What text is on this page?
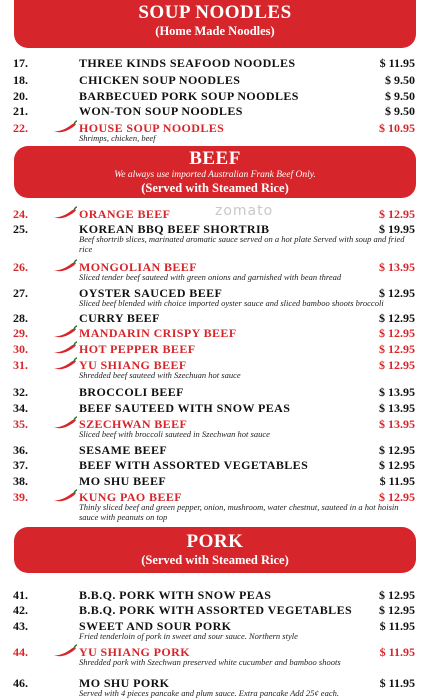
SOUP NOODLES
(Home Made Noodles)
17.	THREE KINDS SEAFOOD NOODLES	$ 11.95
18.	CHICKEN SOUP NOODLES	$ 9.50
20.	BARBECUED PORK SOUP NOODLES	$ 9.50
21.	WON-TON SOUP NOODLES	$ 9.50
22.	HOUSE SOUP NOODLES	$ 10.95
Shrimps, chicken, beef
BEEF
We always use imported Australian Frank Beef Only.
(Served with Steamed Rice)
zomato
24.	ORANGE BEEF	$ 12.95
25.	KOREAN BBQ BEEF SHORTRIB	$ 19.95
Beef shortrib slices, marinated aromatic sauce served on a hot plate Served with soup and fried rice
26.	MONGOLIAN BEEF	$ 13.95
Sliced tender beef sauteed with green onions and garnished with bean thread
27.	OYSTER SAUCED BEEF	$ 12.95
Sliced beef blended with choice imported oyster sauce and sliced bamboo shoots broccoli
28.	CURRY BEEF	$ 12.95
29.	MANDARIN CRISPY BEEF	$ 12.95
30.	HOT PEPPER BEEF	$ 12.95
31.	YU SHIANG BEEF	$ 12.95
Shredded beef sauteed with Szechuan hot sauce
32.	BROCCOLI BEEF	$ 13.95
34.	BEEF SAUTEED WITH SNOW PEAS	$ 13.95
35.	SZECHWAN BEEF	$ 13.95
Sliced beef with broccoli sauteed in Szechwan hot sauce
36.	SESAME BEEF	$ 12.95
37.	BEEF WITH ASSORTED VEGETABLES	$ 12.95
38.	MO SHU BEEF	$ 11.95
39.	KUNG PAO BEEF	$ 12.95
Thinly sliced beef and green pepper, onion, mushroom, water chestnut, sauteed in a hot hoisin sauce with peanuts on top
PORK
(Served with Steamed Rice)
41.	B.B.Q. PORK WITH SNOW PEAS	$ 12.95
42.	B.B.Q. PORK WITH ASSORTED VEGETABLES $ 12.95
43.	SWEET AND SOUR PORK	$ 11.95
Fried tenderloin of pork in sweet and sour sauce. Northern style
44.	YU SHIANG PORK	$ 11.95
Shredded pork with Szechwan preserved white cucumber and bamboo shoots
46.	MO SHU PORK	$ 11.95
Served with 4 pieces pancake and plum sauce. Extra pancake Add 25¢ each.
